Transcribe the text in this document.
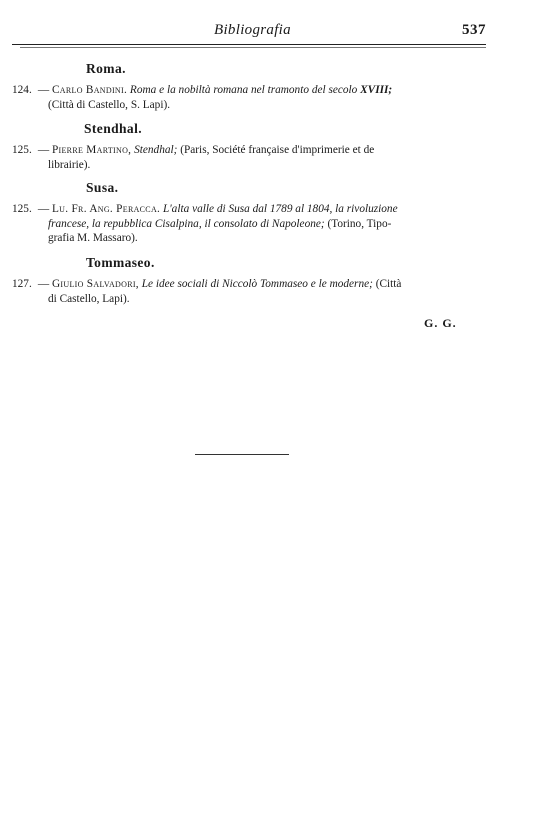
Bibliografia	537
Roma.
124. — Carlo Bandini. Roma e la nobiltà romana nel tramonto del secolo XVIII;
(Città di Castello, S. Lapi).
Stendhal.
125. — Pierre Martino, Stendhal; (Paris, Société française d'imprimerie et de
librairie).
Susa.
125. — Lu. Fr. Ang. Peracca. L'alta valle di Susa dal 1789 al 1804, la rivoluzione
francese, la repubblica Cisalpina, il consolato di Napoleone; (Torino, Tipo-
grafia M. Massaro).
Tommaseo.
127. — Giulio Salvadori, Le idee sociali di Niccolò Tommaseo e le moderne; (Città
di Castello, Lapi).
G. G.
